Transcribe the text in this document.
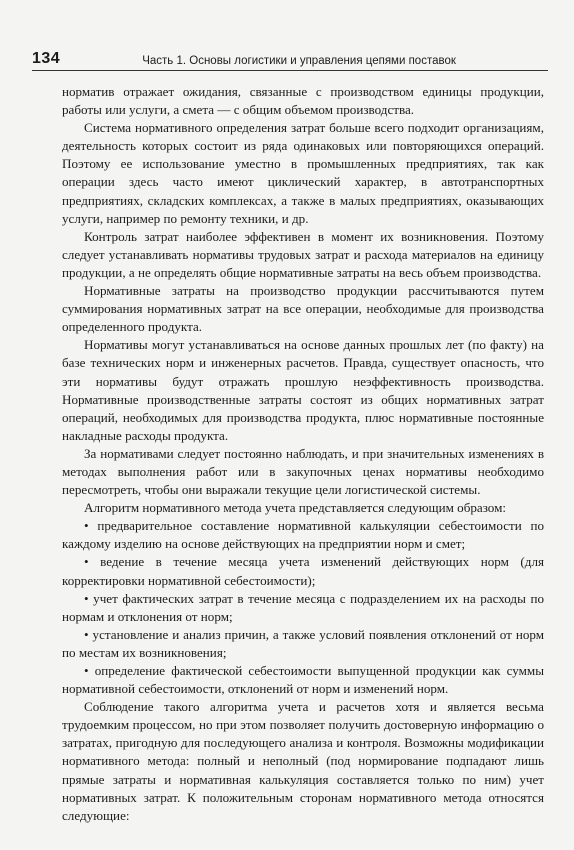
134	Часть 1. Основы логистики и управления цепями поставок

норматив отражает ожидания, связанные с производством единицы продукции, работы или услуги, а смета — с общим объемом производства.

Система нормативного определения затрат больше всего подходит организациям, деятельность которых состоит из ряда одинаковых или повторяющихся операций. Поэтому ее использование уместно в промышленных предприятиях, так как операции здесь часто имеют циклический характер, в автотранспортных предприятиях, складских комплексах, а также в малых предприятиях, оказывающих услуги, например по ремонту техники, и др.

Контроль затрат наиболее эффективен в момент их возникновения. Поэтому следует устанавливать нормативы трудовых затрат и расхода материалов на единицу продукции, а не определять общие нормативные затраты на весь объем производства.

Нормативные затраты на производство продукции рассчитываются путем суммирования нормативных затрат на все операции, необходимые для производства определенного продукта.

Нормативы могут устанавливаться на основе данных прошлых лет (по факту) на базе технических норм и инженерных расчетов. Правда, существует опасность, что эти нормативы будут отражать прошлую неэффективность производства. Нормативные производственные затраты состоят из общих нормативных затрат операций, необходимых для производства продукта, плюс нормативные постоянные накладные расходы продукта.

За нормативами следует постоянно наблюдать, и при значительных изменениях в методах выполнения работ или в закупочных ценах нормативы необходимо пересмотреть, чтобы они выражали текущие цели логистической системы.

Алгоритм нормативного метода учета представляется следующим образом:

• предварительное составление нормативной калькуляции себестоимости по каждому изделию на основе действующих на предприятии норм и смет;

• ведение в течение месяца учета изменений действующих норм (для корректировки нормативной себестоимости);

• учет фактических затрат в течение месяца с подразделением их на расходы по нормам и отклонения от норм;

• установление и анализ причин, а также условий появления отклонений от норм по местам их возникновения;

• определение фактической себестоимости выпущенной продукции как суммы нормативной себестоимости, отклонений от норм и изменений норм.

Соблюдение такого алгоритма учета и расчетов хотя и является весьма трудоемким процессом, но при этом позволяет получить достоверную информацию о затратах, пригодную для последующего анализа и контроля. Возможны модификации нормативного метода: полный и неполный (под нормирование подпадают лишь прямые затраты и нормативная калькуляция составляется только по ним) учет нормативных затрат. К положительным сторонам нормативного метода относятся следующие:
